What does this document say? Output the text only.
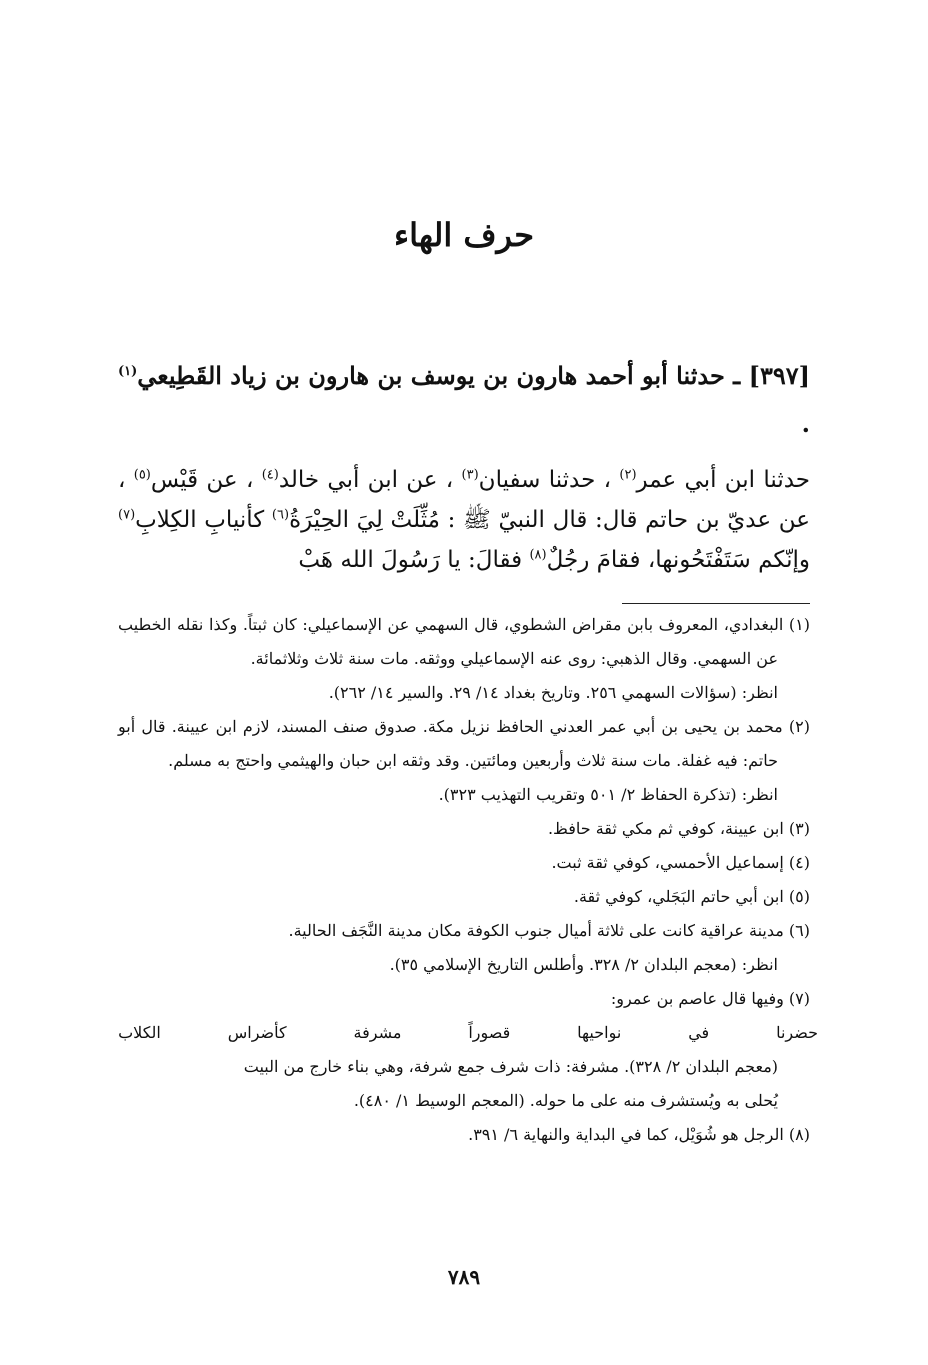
حرف الهاء

[٣٩٧] ـ حدثنا أبو أحمد هارون بن يوسف بن هارون بن زياد القَطِيعي$^{(١)}$ .

حدثنا ابن أبي عمر$^{(٢)}$ ، حدثنا سفيان$^{(٣)}$ ، عن ابن أبي خالد$^{(٤)}$ ، عن قَيْس$^{(٥)}$ ، عن عديّ بن حاتم قال: قال النبيّ ﷺ : مُثِّلَتْ لِيَ الحِيْرَةُ$^{(٦)}$ كأنيابِ الكِلابِ$^{(٧)}$ وإنّكم سَتَفْتَحُونها، فقامَ رجُلٌ$^{(٨)}$ فقالَ: يا رَسُولَ الله هَبْ

(١) البغدادي، المعروف بابن مقراض الشطوي، قال السهمي عن الإسماعيلي: كان ثبتاً. وكذا نقله الخطيب عن السهمي. وقال الذهبي: روى عنه الإسماعيلي ووثقه. مات سنة ثلاث وثلاثمائة.

انظر: (سؤالات السهمي ٢٥٦. وتاريخ بغداد ١٤/ ٢٩. والسير ١٤/ ٢٦٢).

(٢) محمد بن يحيى بن أبي عمر العدني الحافظ نزيل مكة. صدوق صنف المسند، لازم ابن عيينة. قال أبو حاتم: فيه غفلة. مات سنة ثلاث وأربعين ومائتين. وقد وثقه ابن حبان والهيثمي واحتج به مسلم.

انظر: (تذكرة الحفاظ ٢/ ٥٠١ وتقريب التهذيب ٣٢٣).

(٣) ابن عيينة، كوفي ثم مكي ثقة حافظ.

(٤) إسماعيل الأحمسي، كوفي ثقة ثبت.

(٥) ابن أبي حاتم البَجَلي، كوفي ثقة.

(٦) مدينة عراقية كانت على ثلاثة أميال جنوب الكوفة مكان مدينة النَّجَف الحالية.

انظر: (معجم البلدان ٢/ ٣٢٨. وأطلس التاريخ الإسلامي ٣٥).

(٧) وفيها قال عاصم بن عمرو:

حضرنا
في
نواحيها
قصوراً
مشرفة
كأضراس
الكلاب

(معجم البلدان ٢/ ٣٢٨). مشرفة: ذات شرف جمع شرفة، وهي بناء خارج من البيت

يُحلى به ويُستشرف منه على ما حوله. (المعجم الوسيط ١/ ٤٨٠).

(٨) الرجل هو شُوَيْل، كما في البداية والنهاية ٦/ ٣٩١.

٧٨٩
